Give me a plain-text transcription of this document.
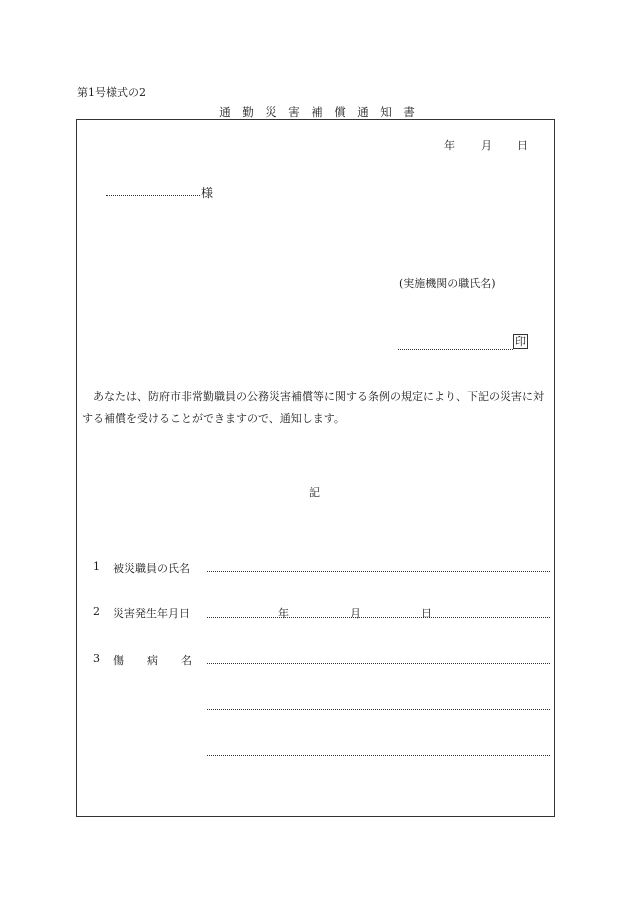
第1号様式の2
通　勤　災　害　補　償　通　知　書
年 月 日
様
(実施機関の職氏名)
印
あなたは、防府市非常勤職員の公務災害補償等に関する条例の規定により、下記の災害に対する補償を受けることができますので、通知します。
記
1 被災職員の氏名
2 災害発生年月日	年	月	日
3 傷 病 名
